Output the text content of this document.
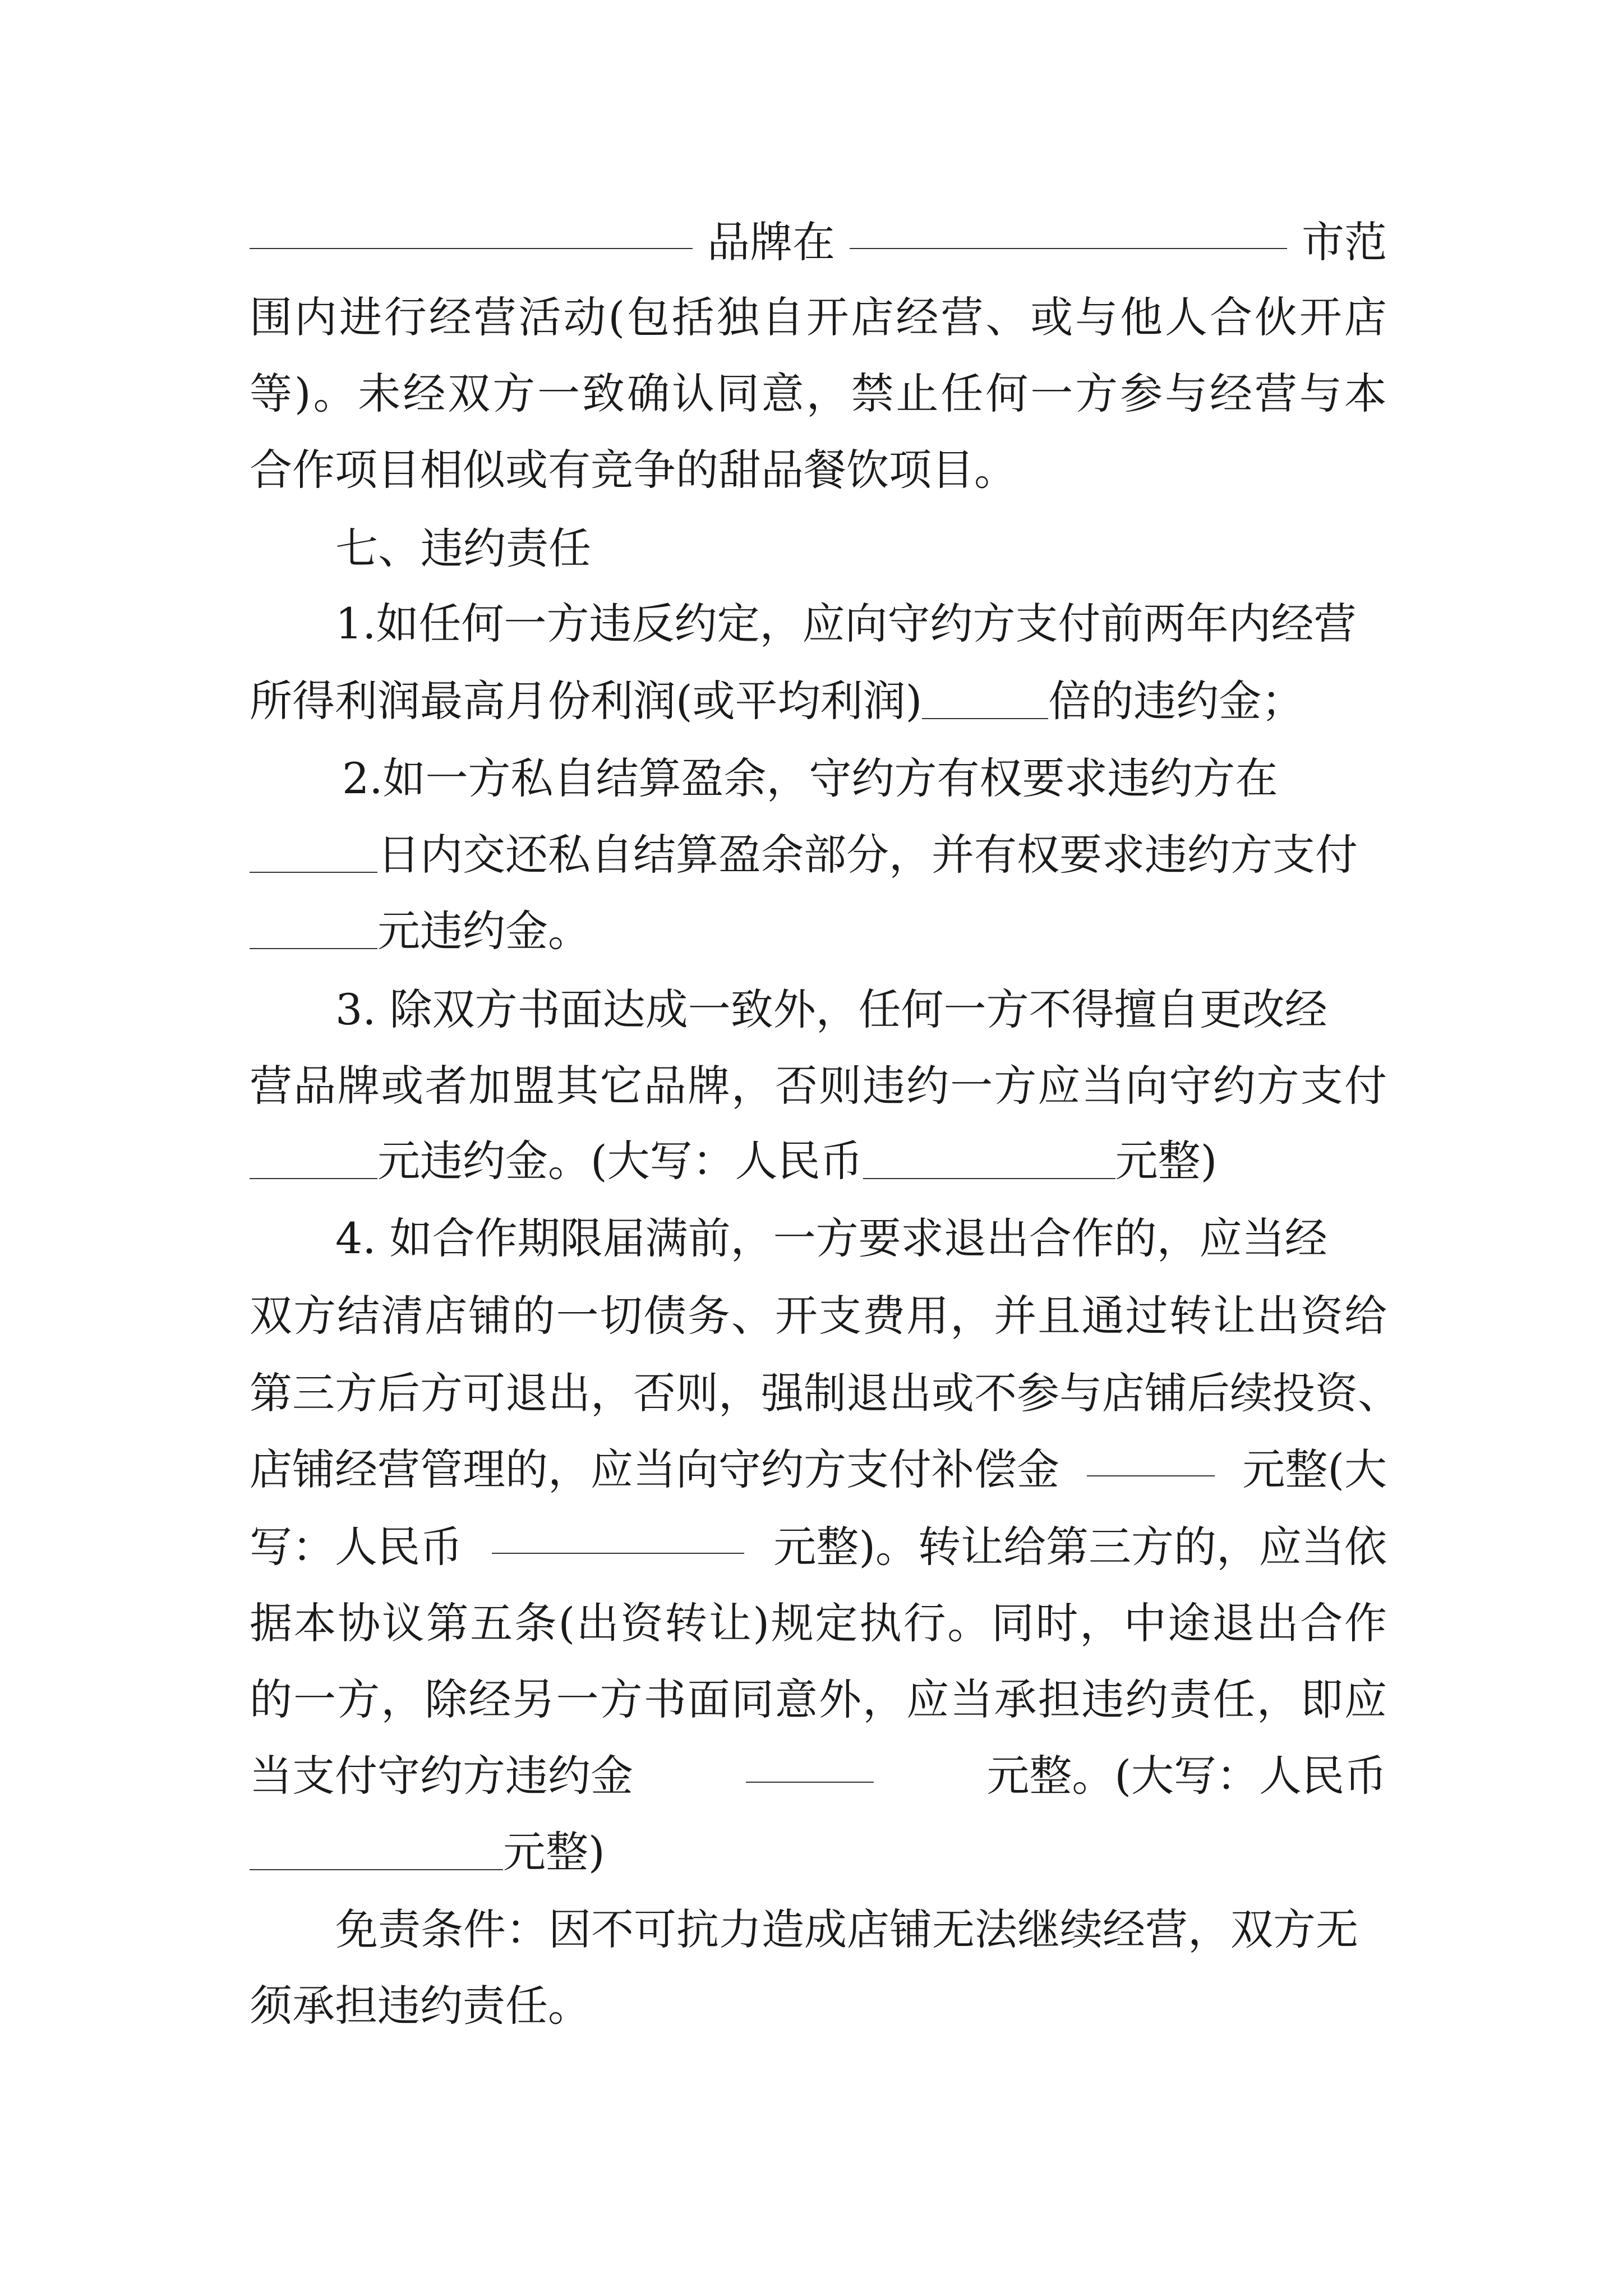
品牌在	市范
围 内 进 行 经 营 活 动 ( 包 括 独 自 开 店 经 营 、 或 与 他 人 合 伙 开 店
等 ) 。 未 经 双 方 一 致 确 认 同 意 ， 禁 止 任 何 一 方 参 与 经 营 与 本
合作项目相似或有竞争的甜品餐饮项目。
七、违约责任
1.如任何一方违反约定，应向守约方支付前两年内经营
所得利润最高月份利润(或平均利润)	倍的违约金；
2.如一方私自结算盈余，守约方有权要求违约方在
日内交还私自结算盈余部分，并有权要求违约方支付
元违约金。
3. 除双方书面达成一致外，任何一方不得擅自更改经
营 品 牌 或 者 加 盟 其 它 品 牌 ， 否 则 违 约 一 方 应 当 向 守 约 方 支 付
元违约金。(大写：人民币	元整)
4. 如合作期限届满前，一方要求退出合作的，应当经
双 方 结 清 店 铺 的 一 切 债 务 、 开 支 费 用 ， 并 且 通 过 转 让 出 资 给
第 三 方 后 方 可 退 出 ， 否 则 ， 强 制 退 出 或 不 参 与 店 铺 后 续 投 资 、
店铺经营管理的，应当向守约方支付补偿金	元整(大
写：人民币	元整)。转让给第三方的，应当依
据 本 协 议 第 五 条 ( 出 资 转 让 ) 规 定 执 行 。 同 时 ， 中 途 退 出 合 作
的 一 方 ， 除 经 另 一 方 书 面 同 意 外 ， 应 当 承 担 违 约 责 任 ， 即 应
当支付守约方违约金	元整。(大写：人民币
元整)
免责条件：因不可抗力造成店铺无法继续经营，双方无
须承担违约责任。
